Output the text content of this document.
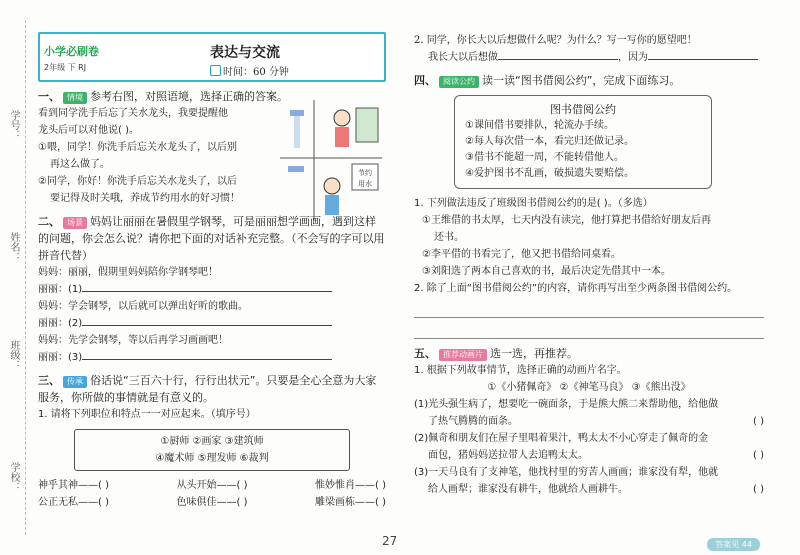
学号：
姓名：
班级：
学校：
小学必刷卷
2年级 下 RJ
表达与交流
时间：60 分钟
一、 情境 参考右图，对照语境，选择正确的答案。
看到同学洗手后忘了关水龙头，我要提醒他
龙头后可以对他说( )。
①喂，同学！你洗手后忘关水龙头了，以后别
再这么做了。
②同学，你好！你洗手后忘关水龙头了，以后
要记得及时关哦，养成节约用水的好习惯！
节约
用水
二、 场景 妈妈让丽丽在暑假里学钢琴，可是丽丽想学画画，遇到这样的问题，你会怎么说？请你把下面的对话补充完整。（不会写的字可以用拼音代替）
妈妈：丽丽，假期里妈妈陪你学钢琴吧！
丽丽：(1)
妈妈：学会钢琴，以后就可以弹出好听的歌曲。
丽丽：(2)
妈妈：先学会钢琴，等以后再学习画画吧！
丽丽：(3)
三、 传承 俗话说“三百六十行，行行出状元”。只要是全心全意为大家服务，你所做的事情就是有意义的。
1. 请将下列职位和特点一一对应起来。（填序号）
①厨师 ②画家 ③建筑师
④魔术师 ⑤理发师 ⑥裁判
神乎其神——( )	从头开始——( )	惟妙惟肖——( )
公正无私——( )	色味俱佳——( )	雕梁画栋——( )
2. 同学，你长大以后想做什么呢？为什么？写一写你的愿望吧！
我长大以后想做	，因为
四、 阅读公约 读一读“图书借阅公约”，完成下面练习。
图书借阅公约
①课间借书要排队，轮流办手续。
②每人每次借一本，看完归还做记录。
③借书不能超一周，不能转借他人。
④爱护图书不乱画，破损遗失要赔偿。
1. 下列做法违反了班级图书借阅公约的是( )。（多选）
①王维借的书太厚，七天内没有读完，他打算把书借给好朋友后再
还书。
②李平借的书看完了，他又把书借给同桌看。
③刘阳选了两本自己喜欢的书，最后决定先借其中一本。
2. 除了上面“图书借阅公约”的内容，请你再写出至少两条图书借阅公约。
五、 推荐动画片 选一选，再推荐。
1. 根据下列故事情节，选择正确的动画片名字。
①《小猪佩奇》 ②《神笔马良》 ③《熊出没》
(1)光头强生病了，想要吃一碗面条，于是熊大熊二来帮助他，给他做
了热气腾腾的面条。	( )
(2)佩奇和朋友们在屋子里唱着果汁，鸭太太不小心穿走了佩奇的金
面包，猪妈妈送拉带人去追鸭太太。	( )
(3)一天马良有了支神笔，他找村里的穷苦人画画；谁家没有犁，他就
给人画犁；谁家没有耕牛，他就给人画耕牛。	( )
27	答案见 44
